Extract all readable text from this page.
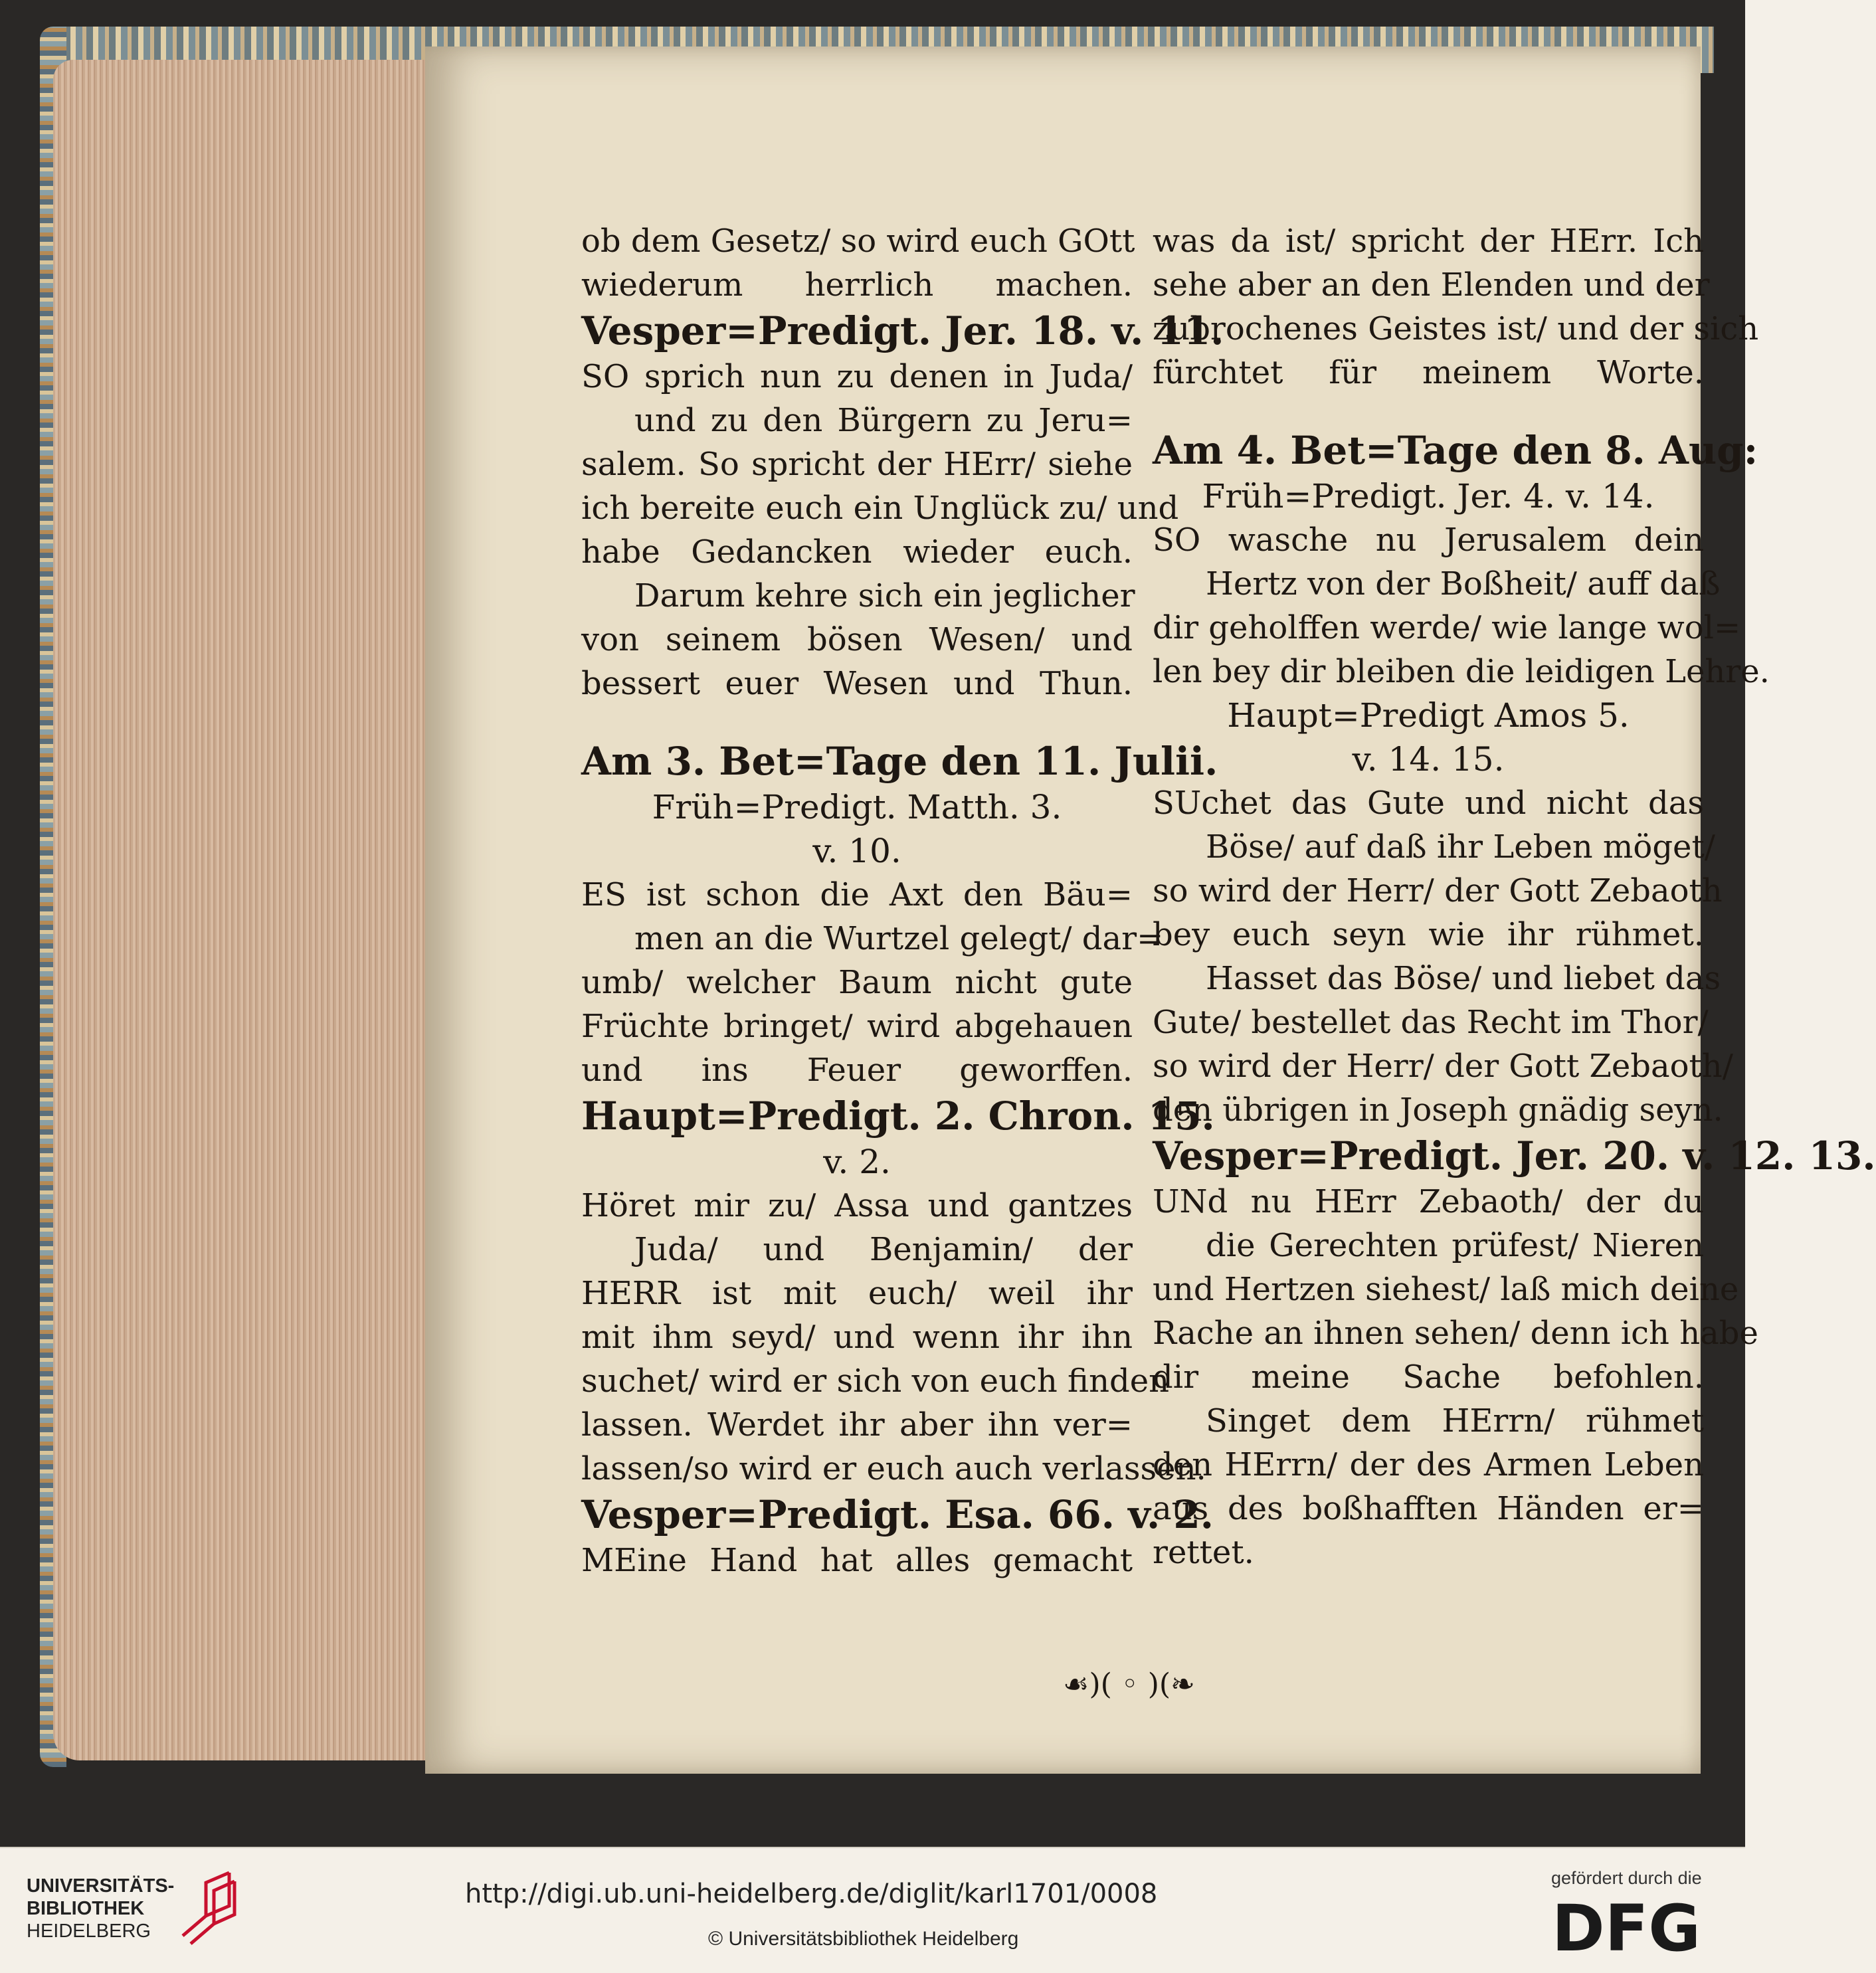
ob dem Gesetz/ so wird euch GOtt
wiederum herrlich machen.
Vesper=Predigt. Jer. 18. v. 11.
SO sprich nun zu denen in Juda/
und zu den Bürgern zu Jeru=
salem. So spricht der HErr/ siehe
ich bereite euch ein Unglück zu/ und
habe Gedancken wieder euch.
Darum kehre sich ein jeglicher
von seinem bösen Wesen/ und
bessert euer Wesen und Thun.
Am 3. Bet=Tage den 11. Julii.
Früh=Predigt. Matth. 3.
v. 10.
ES ist schon die Axt den Bäu=
men an die Wurtzel gelegt/ dar=
umb/ welcher Baum nicht gute
Früchte bringet/ wird abgehauen
und ins Feuer geworffen.
Haupt=Predigt. 2. Chron. 15.
v. 2.
Höret mir zu/ Assa und gantzes
Juda/ und Benjamin/ der
HERR ist mit euch/ weil ihr
mit ihm seyd/ und wenn ihr ihn
suchet/ wird er sich von euch finden
lassen. Werdet ihr aber ihn ver=
lassen/so wird er euch auch verlassen.
Vesper=Predigt. Esa. 66. v. 2.
MEine Hand hat alles gemacht
was da ist/ spricht der HErr. Ich
sehe aber an den Elenden und der
zubrochenes Geistes ist/ und der sich
fürchtet für meinem Worte.
Am 4. Bet=Tage den 8. Aug:
Früh=Predigt. Jer. 4. v. 14.
SO wasche nu Jerusalem dein
Hertz von der Boßheit/ auff daß
dir geholffen werde/ wie lange wol=
len bey dir bleiben die leidigen Lehre.
Haupt=Predigt Amos 5.
v. 14. 15.
SUchet das Gute und nicht das
Böse/ auf daß ihr Leben möget/
so wird der Herr/ der Gott Zebaoth
bey euch seyn wie ihr rühmet.
Hasset das Böse/ und liebet das
Gute/ bestellet das Recht im Thor/
so wird der Herr/ der Gott Zebaoth/
den übrigen in Joseph gnädig seyn.
Vesper=Predigt. Jer. 20. v. 12. 13.
UNd nu HErr Zebaoth/ der du
die Gerechten prüfest/ Nieren
und Hertzen siehest/ laß mich deine
Rache an ihnen sehen/ denn ich habe
dir meine Sache befohlen.
Singet dem HErrn/ rühmet
den HErrn/ der des Armen Leben
aus des boßhafften Händen er=
rettet.
☙)( ◦ )(❧
UNIVERSITÄTS-
BIBLIOTHEK
HEIDELBERG
http://digi.ub.uni-heidelberg.de/diglit/karl1701/0008
© Universitätsbibliothek Heidelberg
gefördert durch die
DFG
